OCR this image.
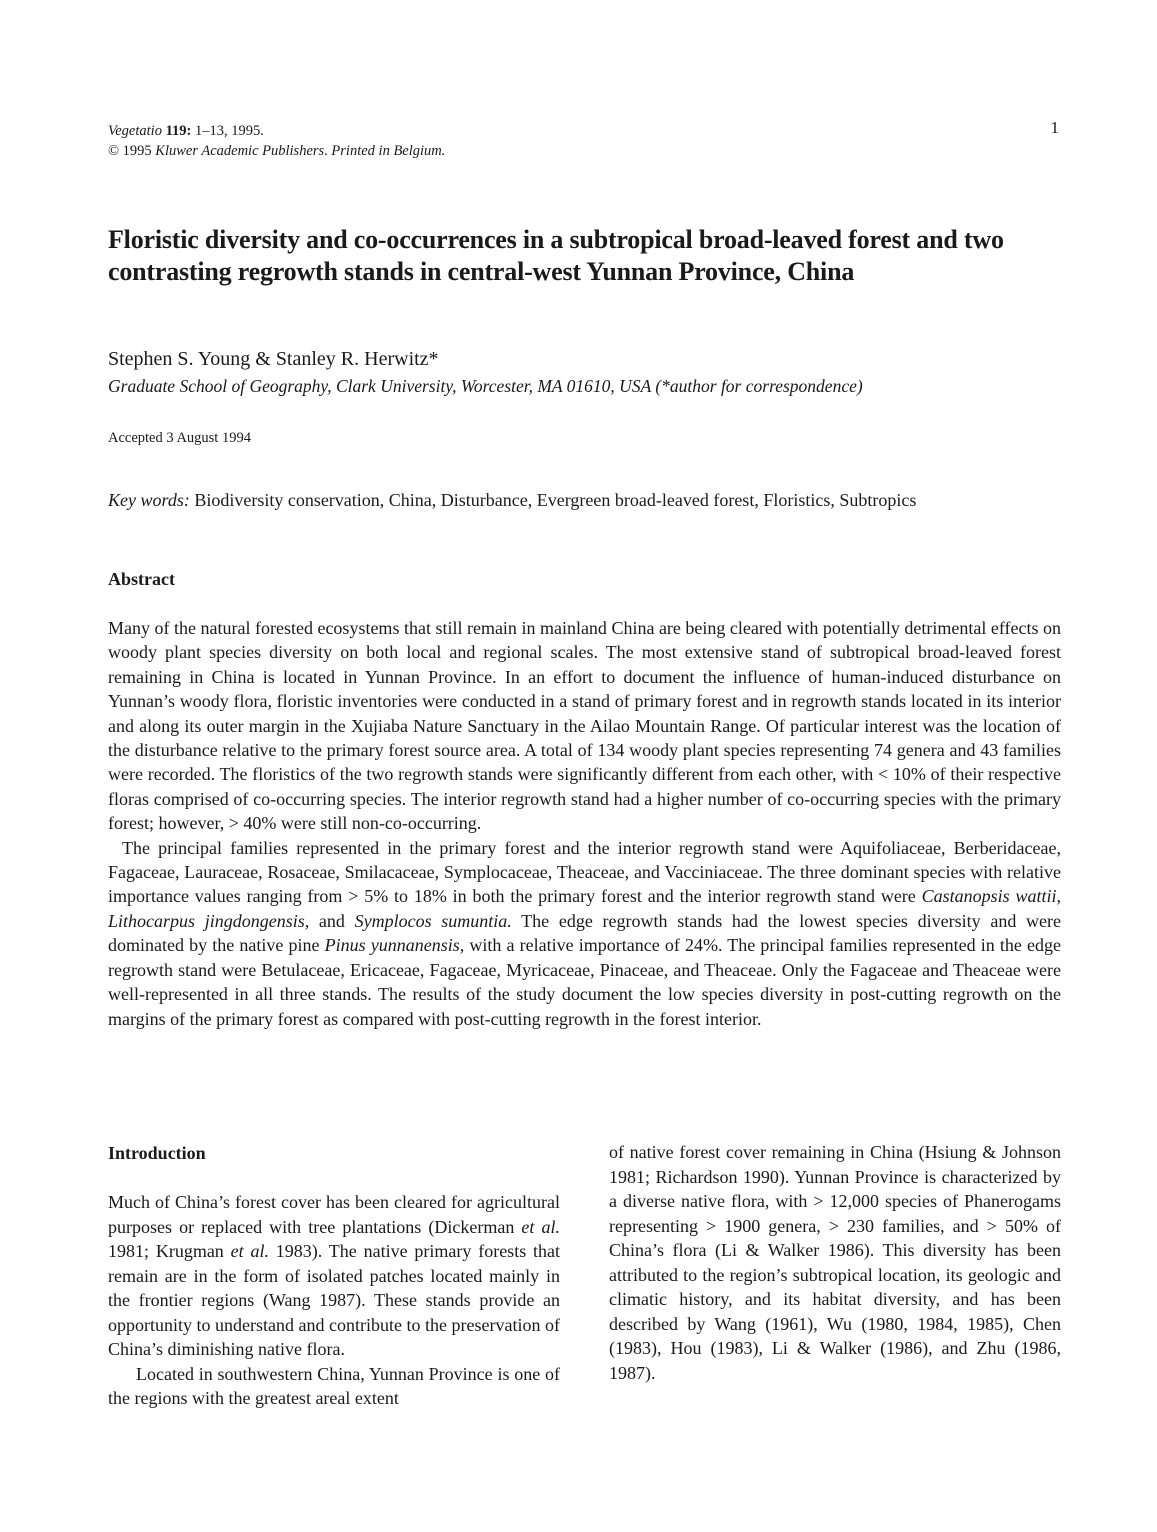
Vegetatio 119: 1–13, 1995.
© 1995 Kluwer Academic Publishers. Printed in Belgium.
1
Floristic diversity and co-occurrences in a subtropical broad-leaved forest and two contrasting regrowth stands in central-west Yunnan Province, China
Stephen S. Young & Stanley R. Herwitz*
Graduate School of Geography, Clark University, Worcester, MA 01610, USA (*author for correspondence)
Accepted 3 August 1994
Key words: Biodiversity conservation, China, Disturbance, Evergreen broad-leaved forest, Floristics, Subtropics
Abstract

Many of the natural forested ecosystems that still remain in mainland China are being cleared with potentially detrimental effects on woody plant species diversity on both local and regional scales. The most extensive stand of subtropical broad-leaved forest remaining in China is located in Yunnan Province. In an effort to document the influence of human-induced disturbance on Yunnan’s woody flora, floristic inventories were conducted in a stand of primary forest and in regrowth stands located in its interior and along its outer margin in the Xujiaba Nature Sanctuary in the Ailao Mountain Range. Of particular interest was the location of the disturbance relative to the primary forest source area. A total of 134 woody plant species representing 74 genera and 43 families were recorded. The floristics of the two regrowth stands were significantly different from each other, with < 10% of their respective floras comprised of co-occurring species. The interior regrowth stand had a higher number of co-occurring species with the primary forest; however, > 40% were still non-co-occurring.

The principal families represented in the primary forest and the interior regrowth stand were Aquifoliaceae, Berberidaceae, Fagaceae, Lauraceae, Rosaceae, Smilacaceae, Symplocaceae, Theaceae, and Vacciniaceae. The three dominant species with relative importance values ranging from > 5% to 18% in both the primary forest and the interior regrowth stand were Castanopsis wattii, Lithocarpus jingdongensis, and Symplocos sumuntia. The edge regrowth stands had the lowest species diversity and were dominated by the native pine Pinus yunnanensis, with a relative importance of 24%. The principal families represented in the edge regrowth stand were Betulaceae, Ericaceae, Fagaceae, Myricaceae, Pinaceae, and Theaceae. Only the Fagaceae and Theaceae were well-represented in all three stands. The results of the study document the low species diversity in post-cutting regrowth on the margins of the primary forest as compared with post-cutting regrowth in the forest interior.

Introduction

Much of China’s forest cover has been cleared for agricultural purposes or replaced with tree plantations (Dickerman et al. 1981; Krugman et al. 1983). The native primary forests that remain are in the form of isolated patches located mainly in the frontier regions (Wang 1987). These stands provide an opportunity to understand and contribute to the preservation of China’s diminishing native flora.

Located in southwestern China, Yunnan Province is one of the regions with the greatest areal extent

of native forest cover remaining in China (Hsiung & Johnson 1981; Richardson 1990). Yunnan Province is characterized by a diverse native flora, with > 12,000 species of Phanerogams representing > 1900 genera, > 230 families, and > 50% of China’s flora (Li & Walker 1986). This diversity has been attributed to the region’s subtropical location, its geologic and climatic history, and its habitat diversity, and has been described by Wang (1961), Wu (1980, 1984, 1985), Chen (1983), Hou (1983), Li & Walker (1986), and Zhu (1986, 1987).
